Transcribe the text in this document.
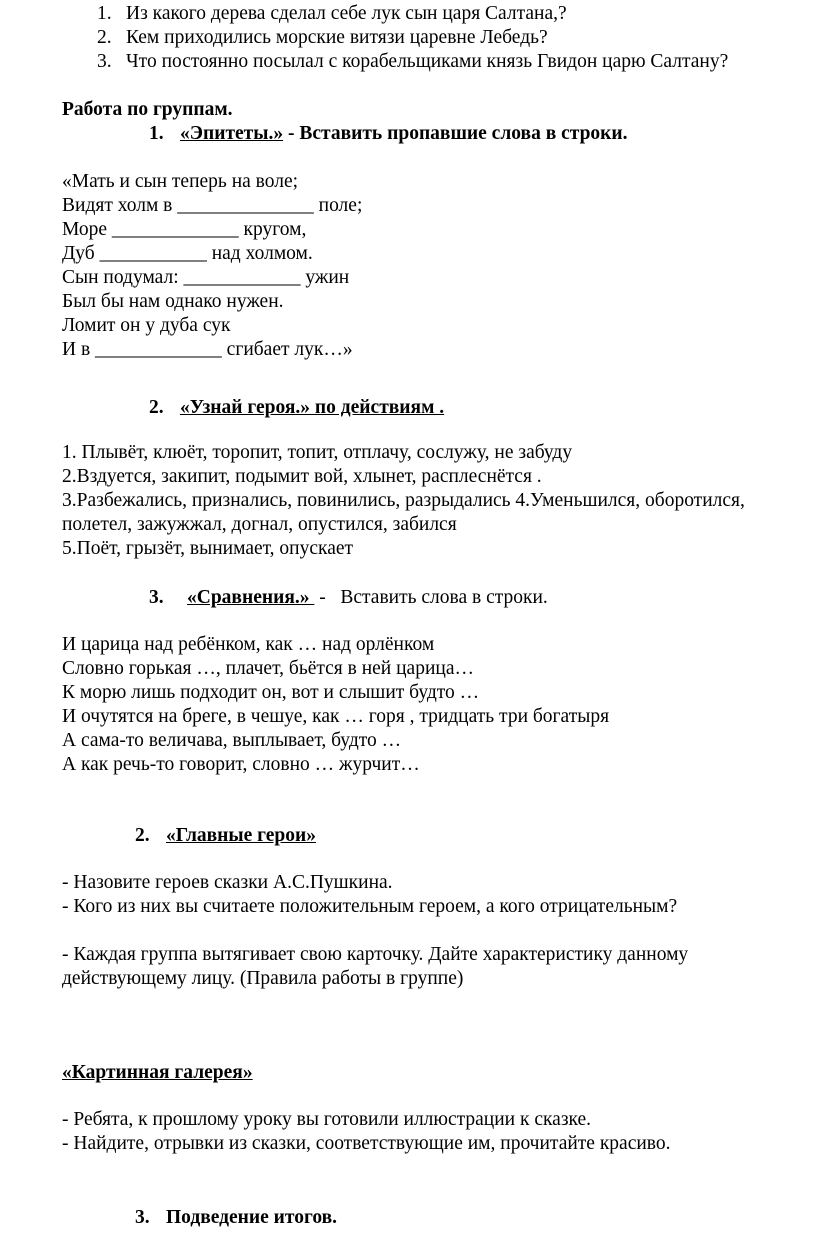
1. Из какого дерева сделал себе лук сын царя Салтана,?
2. Кем приходились морские витязи царевне Лебедь?
3. Что постоянно посылал с корабельщиками князь Гвидон царю Салтану?
Работа по группам.
1. «Эпитеты.» - Вставить пропавшие слова в строки.
«Мать и сын теперь на воле;
Видят холм в ______________ поле;
Море _____________ кругом,
Дуб ___________ над холмом.
Сын подумал: ____________ ужин
Был бы нам однако нужен.
Ломит он у дуба сук
И в _____________ сгибает лук…»
2. «Узнай героя.» по действиям .
1. Плывёт, клюёт, торопит, топит, отплачу, сослужу, не забуду
2.Вздуется, закипит, подымит вой, хлынет, расплеснётся .
3.Разбежались, признались, повинились, разрыдались 4.Уменьшился, оборотился,
полетел, зажужжал, догнал, опустился, забился
5.Поёт, грызёт, вынимает, опускает
3. «Сравнения.»  -   Вставить слова в строки.
И царица над ребёнком, как … над орлёнком
Словно горькая …, плачет, бьётся в ней царица…
К морю лишь подходит он, вот и слышит будто …
И очутятся на бреге, в чешуе, как … горя , тридцать три богатыря
А сама-то величава, выплывает, будто …
А как речь-то говорит, словно … журчит…
2. «Главные герои»
- Назовите героев сказки А.С.Пушкина.
- Кого из них вы считаете положительным героем, а кого отрицательным?
- Каждая группа вытягивает свою карточку. Дайте характеристику данному
действующему лицу. (Правила работы в группе)
«Картинная галерея»
- Ребята, к прошлому уроку вы готовили иллюстрации к сказке.
- Найдите, отрывки из сказки, соответствующие им, прочитайте красиво.
3. Подведение итогов.
